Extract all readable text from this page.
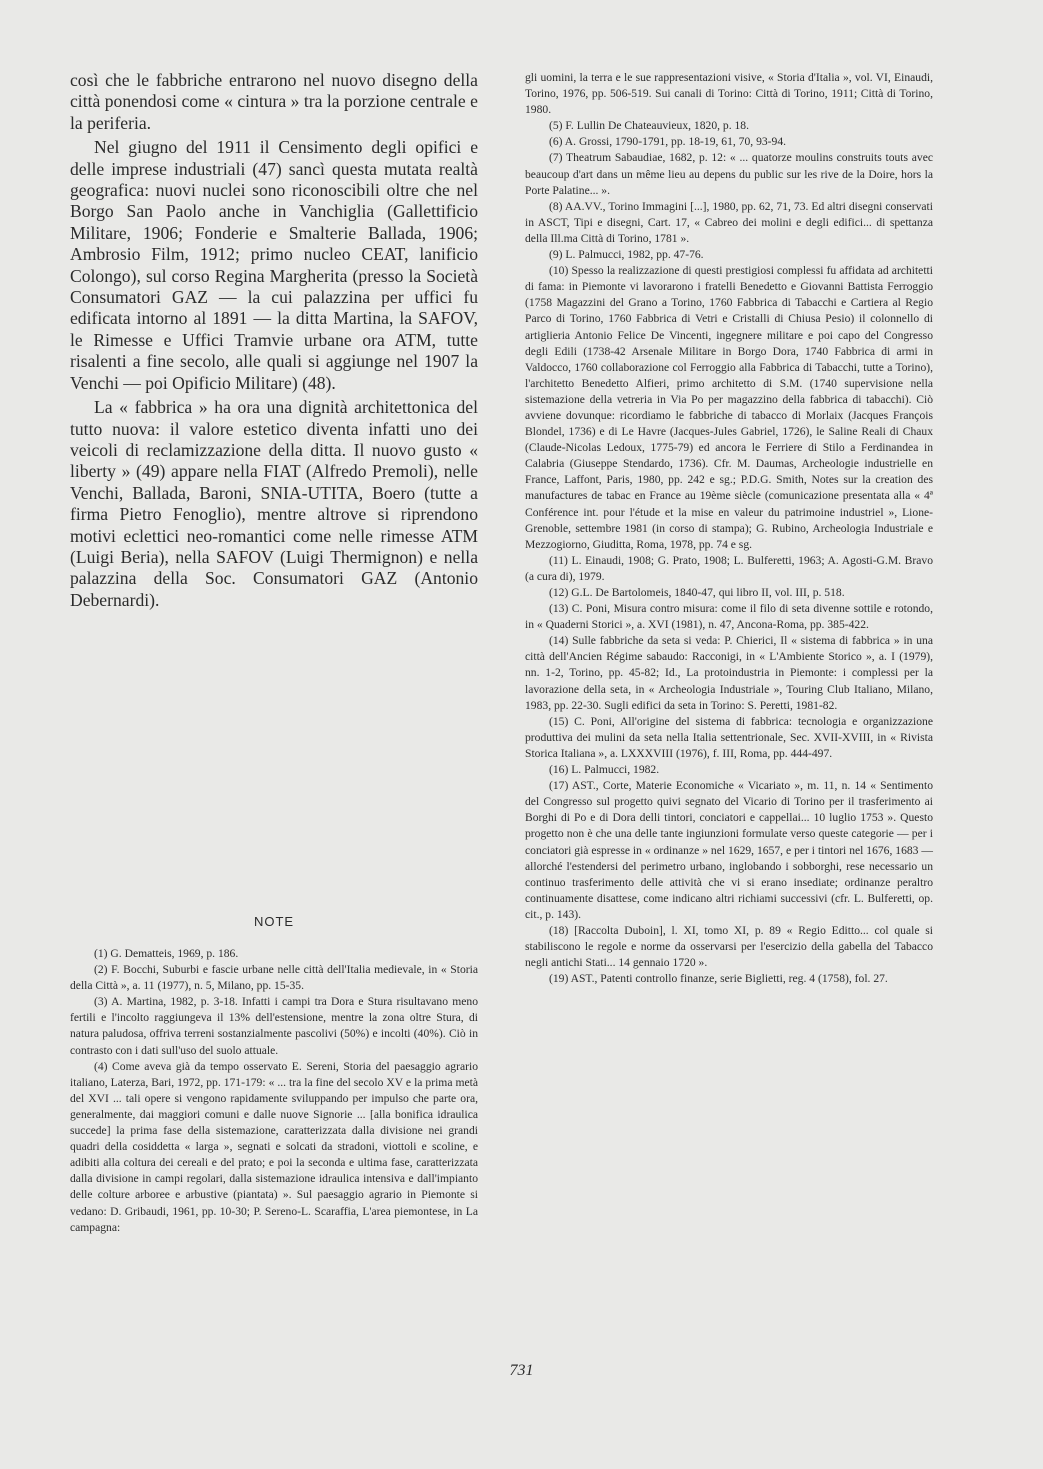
così che le fabbriche entrarono nel nuovo disegno della città ponendosi come « cintura » tra la porzione centrale e la periferia.

Nel giugno del 1911 il Censimento degli opifici e delle imprese industriali (47) sancì questa mutata realtà geografica: nuovi nuclei sono riconoscibili oltre che nel Borgo San Paolo anche in Vanchiglia (Gallettificio Militare, 1906; Fonderie e Smalterie Ballada, 1906; Ambrosio Film, 1912; primo nucleo CEAT, lanificio Colongo), sul corso Regina Margherita (presso la Società Consumatori GAZ — la cui palazzina per uffici fu edificata intorno al 1891 — la ditta Martina, la SAFOV, le Rimesse e Uffici Tramvie urbane ora ATM, tutte risalenti a fine secolo, alle quali si aggiunge nel 1907 la Venchi — poi Opificio Militare) (48).

La « fabbrica » ha ora una dignità architettonica del tutto nuova: il valore estetico diventa infatti uno dei veicoli di reclamizzazione della ditta. Il nuovo gusto « liberty » (49) appare nella FIAT (Alfredo Premoli), nelle Venchi, Ballada, Baroni, SNIA-UTITA, Boero (tutte a firma Pietro Fenoglio), mentre altrove si riprendono motivi eclettici neo-romantici come nelle rimesse ATM (Luigi Beria), nella SAFOV (Luigi Thermignon) e nella palazzina della Soc. Consumatori GAZ (Antonio Debernardi).

NOTE

(1) G. Dematteis, 1969, p. 186.

(2) F. Bocchi, Suburbi e fascie urbane nelle città dell'Italia medievale, in « Storia della Città », a. 11 (1977), n. 5, Milano, pp. 15-35.

(3) A. Martina, 1982, p. 3-18. Infatti i campi tra Dora e Stura risultavano meno fertili e l'incolto raggiungeva il 13% dell'estensione, mentre la zona oltre Stura, di natura paludosa, offriva terreni sostanzialmente pascolivi (50%) e incolti (40%). Ciò in contrasto con i dati sull'uso del suolo attuale.

(4) Come aveva già da tempo osservato E. Sereni, Storia del paesaggio agrario italiano, Laterza, Bari, 1972, pp. 171-179: « ... tra la fine del secolo XV e la prima metà del XVI ... tali opere si vengono rapidamente sviluppando per impulso che parte ora, generalmente, dai maggiori comuni e dalle nuove Signorie ... [alla bonifica idraulica succede] la prima fase della sistemazione, caratterizzata dalla divisione nei grandi quadri della cosiddetta « larga », segnati e solcati da stradoni, viottoli e scoline, e adibiti alla coltura dei cereali e del prato; e poi la seconda e ultima fase, caratterizzata dalla divisione in campi regolari, dalla sistemazione idraulica intensiva e dall'impianto delle colture arboree e arbustive (piantata) ». Sul paesaggio agrario in Piemonte si vedano: D. Gribaudi, 1961, pp. 10-30; P. Sereno-L. Scaraffia, L'area piemontese, in La campagna:

gli uomini, la terra e le sue rappresentazioni visive, « Storia d'Italia », vol. VI, Einaudi, Torino, 1976, pp. 506-519. Sui canali di Torino: Città di Torino, 1911; Città di Torino, 1980.

(5) F. Lullin De Chateauvieux, 1820, p. 18.

(6) A. Grossi, 1790-1791, pp. 18-19, 61, 70, 93-94.

(7) Theatrum Sabaudiae, 1682, p. 12: « ... quatorze moulins construits touts avec beaucoup d'art dans un même lieu au depens du public sur les rive de la Doire, hors la Porte Palatine... ».

(8) AA.VV., Torino Immagini [...], 1980, pp. 62, 71, 73. Ed altri disegni conservati in ASCT, Tipi e disegni, Cart. 17, « Cabreo dei molini e degli edifici... di spettanza della Ill.ma Città di Torino, 1781 ».

(9) L. Palmucci, 1982, pp. 47-76.

(10) Spesso la realizzazione di questi prestigiosi complessi fu affidata ad architetti di fama: in Piemonte vi lavorarono i fratelli Benedetto e Giovanni Battista Ferroggio (1758 Magazzini del Grano a Torino, 1760 Fabbrica di Tabacchi e Cartiera al Regio Parco di Torino, 1760 Fabbrica di Vetri e Cristalli di Chiusa Pesio) il colonnello di artiglieria Antonio Felice De Vincenti, ingegnere militare e poi capo del Congresso degli Edili (1738-42 Arsenale Militare in Borgo Dora, 1740 Fabbrica di armi in Valdocco, 1760 collaborazione col Ferroggio alla Fabbrica di Tabacchi, tutte a Torino), l'architetto Benedetto Alfieri, primo architetto di S.M. (1740 supervisione nella sistemazione della vetreria in Via Po per magazzino della fabbrica di tabacchi). Ciò avviene dovunque: ricordiamo le fabbriche di tabacco di Morlaix (Jacques François Blondel, 1736) e di Le Havre (Jacques-Jules Gabriel, 1726), le Saline Reali di Chaux (Claude-Nicolas Ledoux, 1775-79) ed ancora le Ferriere di Stilo a Ferdinandea in Calabria (Giuseppe Stendardo, 1736). Cfr. M. Daumas, Archeologie industrielle en France, Laffont, Paris, 1980, pp. 242 e sg.; P.D.G. Smith, Notes sur la creation des manufactures de tabac en France au 19ème siècle (comunicazione presentata alla « 4ª Conférence int. pour l'étude et la mise en valeur du patrimoine industriel », Lione-Grenoble, settembre 1981 (in corso di stampa); G. Rubino, Archeologia Industriale e Mezzogiorno, Giuditta, Roma, 1978, pp. 74 e sg.

(11) L. Einaudi, 1908; G. Prato, 1908; L. Bulferetti, 1963; A. Agosti-G.M. Bravo (a cura di), 1979.

(12) G.L. De Bartolomeis, 1840-47, qui libro II, vol. III, p. 518.

(13) C. Poni, Misura contro misura: come il filo di seta divenne sottile e rotondo, in « Quaderni Storici », a. XVI (1981), n. 47, Ancona-Roma, pp. 385-422.

(14) Sulle fabbriche da seta si veda: P. Chierici, Il « sistema di fabbrica » in una città dell'Ancien Régime sabaudo: Racconigi, in « L'Ambiente Storico », a. I (1979), nn. 1-2, Torino, pp. 45-82; Id., La protoindustria in Piemonte: i complessi per la lavorazione della seta, in « Archeologia Industriale », Touring Club Italiano, Milano, 1983, pp. 22-30. Sugli edifici da seta in Torino: S. Peretti, 1981-82.

(15) C. Poni, All'origine del sistema di fabbrica: tecnologia e organizzazione produttiva dei mulini da seta nella Italia settentrionale, Sec. XVII-XVIII, in « Rivista Storica Italiana », a. LXXXVIII (1976), f. III, Roma, pp. 444-497.

(16) L. Palmucci, 1982.

(17) AST., Corte, Materie Economiche « Vicariato », m. 11, n. 14 « Sentimento del Congresso sul progetto quivi segnato del Vicario di Torino per il trasferimento ai Borghi di Po e di Dora delli tintori, conciatori e cappellai... 10 luglio 1753 ». Questo progetto non è che una delle tante ingiunzioni formulate verso queste categorie — per i conciatori già espresse in « ordinanze » nel 1629, 1657, e per i tintori nel 1676, 1683 — allorché l'estendersi del perimetro urbano, inglobando i sobborghi, rese necessario un continuo trasferimento delle attività che vi si erano insediate; ordinanze peraltro continuamente disattese, come indicano altri richiami successivi (cfr. L. Bulferetti, op. cit., p. 143).

(18) [Raccolta Duboin], l. XI, tomo XI, p. 89 « Regio Editto... col quale si stabiliscono le regole e norme da osservarsi per l'esercizio della gabella del Tabacco negli antichi Stati... 14 gennaio 1720 ».

(19) AST., Patenti controllo finanze, serie Biglietti, reg. 4 (1758), fol. 27.

731
